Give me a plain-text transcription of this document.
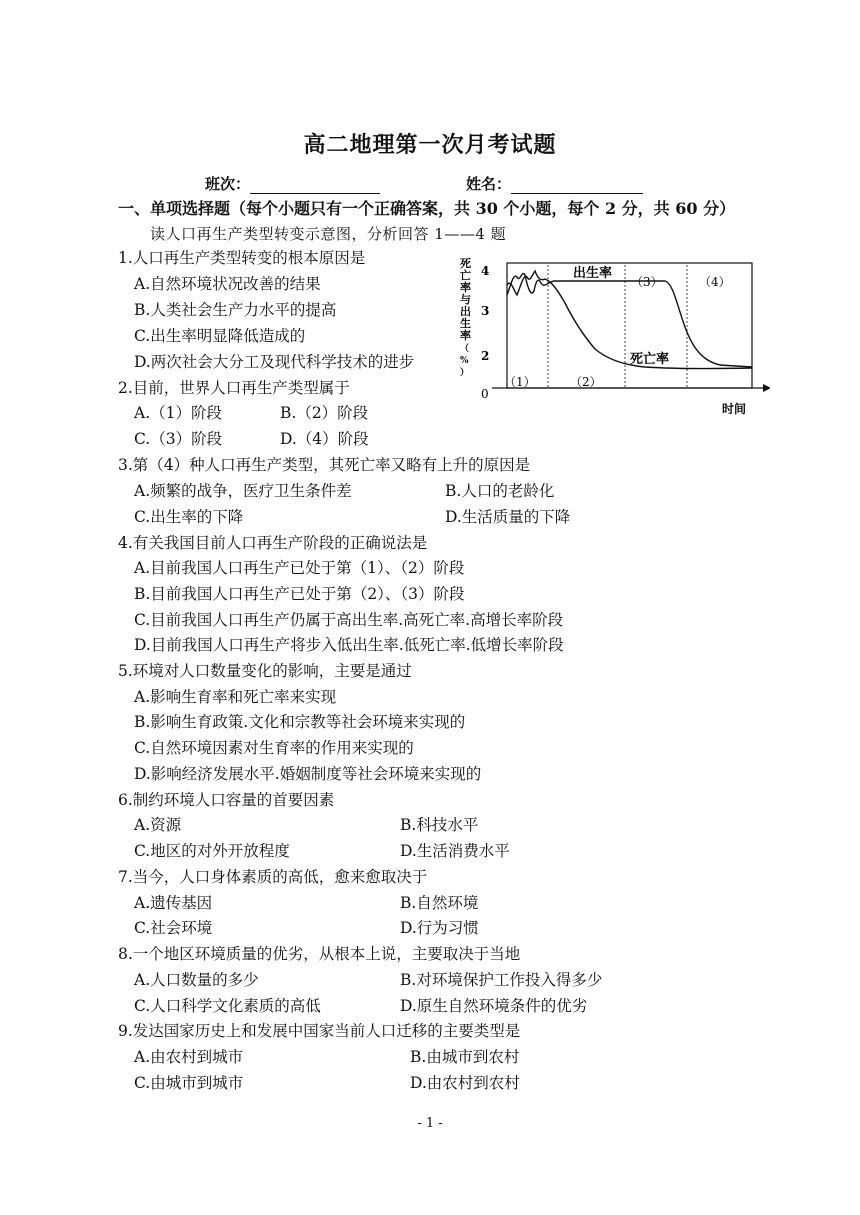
高二地理第一次月考试题
班次：	姓名：
一、单项选择题（每个小题只有一个正确答案，共 30 个小题，每个 2 分，共 60 分）
读人口再生产类型转变示意图，分析回答 1——4 题
1.人口再生产类型转变的根本原因是
A.自然环境状况改善的结果
B.人类社会生产力水平的提高
C.出生率明显降低造成的
D.两次社会大分工及现代科学技术的进步
2.目前，世界人口再生产类型属于
A.（1）阶段	B.（2）阶段
C.（3）阶段	D.（4）阶段
3.第（4）种人口再生产类型，其死亡率又略有上升的原因是
A.频繁的战争，医疗卫生条件差	B.人口的老龄化
C.出生率的下降	D.生活质量的下降
4.有关我国目前人口再生产阶段的正确说法是
A.目前我国人口再生产已处于第（1）、（2）阶段
B.目前我国人口再生产已处于第（2）、（3）阶段
C.目前我国人口再生产仍属于高出生率.高死亡率.高增长率阶段
D.目前我国人口再生产将步入低出生率.低死亡率.低增长率阶段
5.环境对人口数量变化的影响，主要是通过
A.影响生育率和死亡率来实现
B.影响生育政策.文化和宗教等社会环境来实现的
C.自然环境因素对生育率的作用来实现的
D.影响经济发展水平.婚姻制度等社会环境来实现的
6.制约环境人口容量的首要因素
A.资源	B.科技水平
C.地区的对外开放程度	D.生活消费水平
7.当今，人口身体素质的高低，愈来愈取决于
A.遗传基因	B.自然环境
C.社会环境	D.行为习惯
8.一个地区环境质量的优劣，从根本上说，主要取决于当地
A.人口数量的多少	B.对环境保护工作投入得多少
C.人口科学文化素质的高低	D.原生自然环境条件的优劣
9.发达国家历史上和发展中国家当前人口迁移的主要类型是
A.由农村到城市	B.由城市到农村
C.由城市到城市	D.由农村到农村
死亡率与出生率（%）
4
3
2
0
（1）	（2）
（3）	（4）
出生率
死亡率
时间
- 1 -
